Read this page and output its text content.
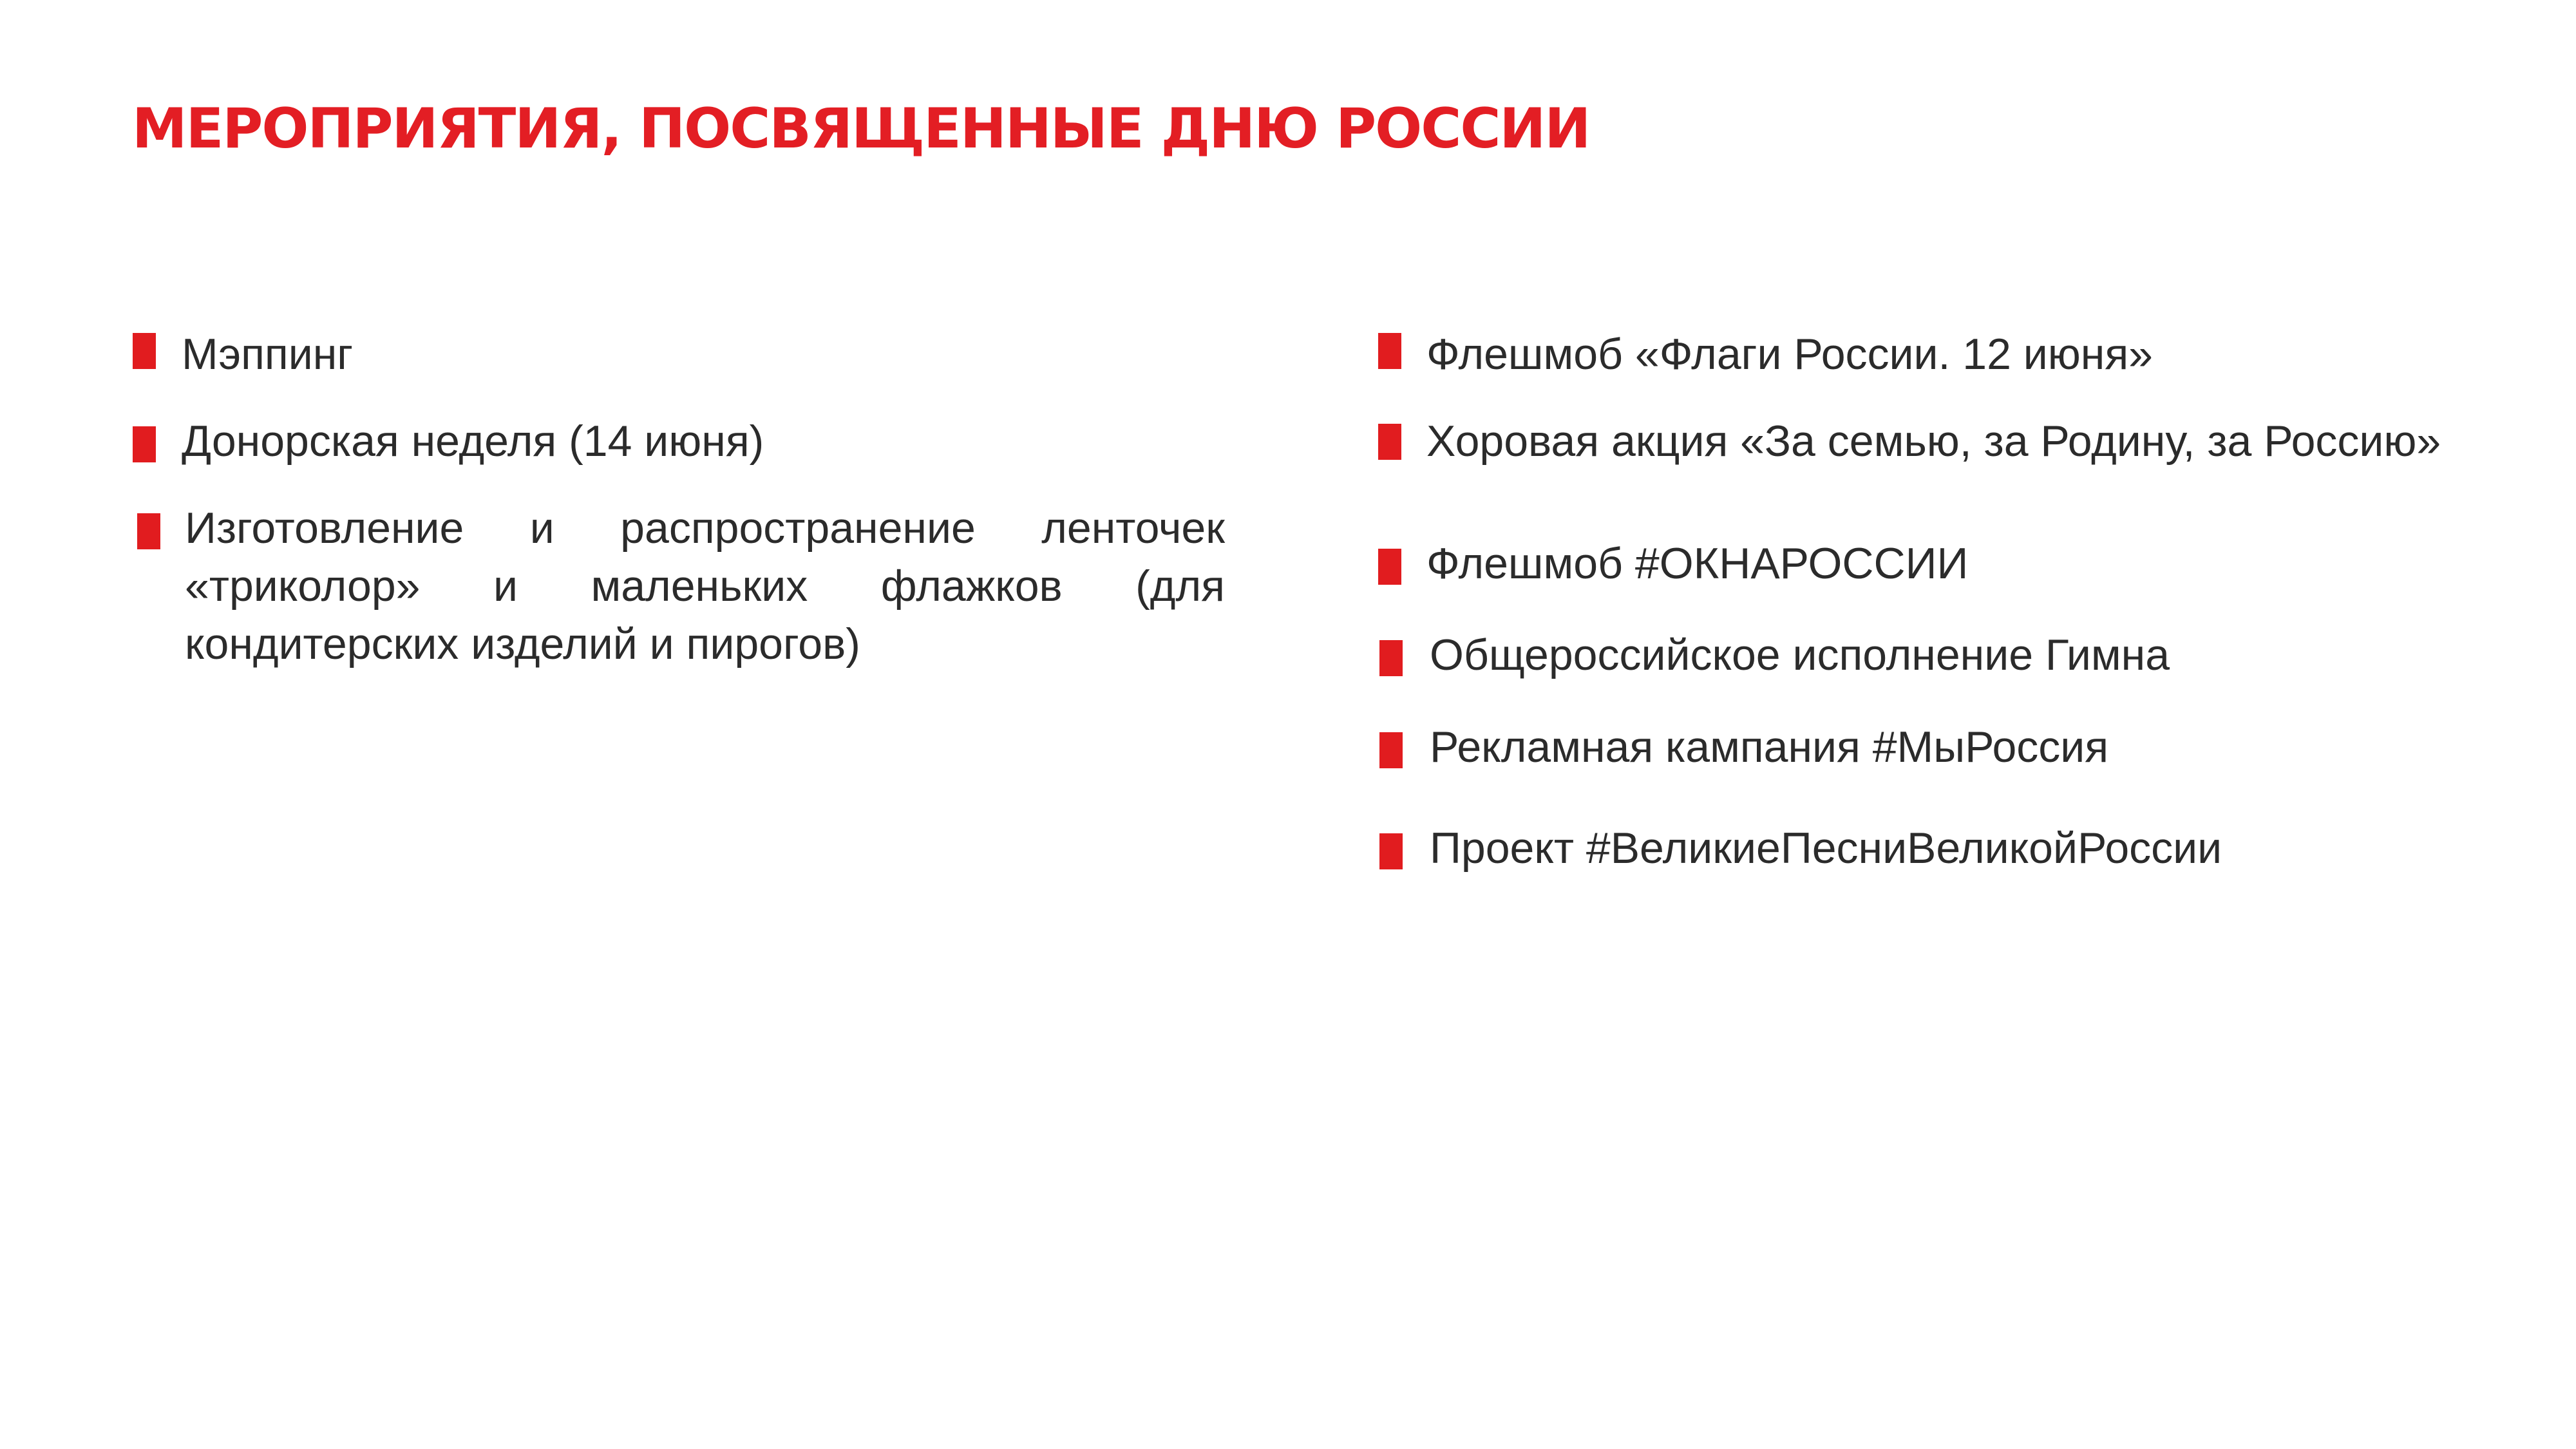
МЕРОПРИЯТИЯ, ПОСВЯЩЕННЫЕ ДНЮ РОССИИ
Мэппинг
Донорская неделя (14 июня)
Изготовление и распространение ленточек «триколор» и маленьких флажков (для кондитерских изделий и пирогов)
Флешмоб «Флаги России. 12 июня»
Хоровая акция «За семью, за Родину, за Россию»
Флешмоб #ОКНАРОССИИ
Общероссийское исполнение Гимна
Рекламная кампания #МыРоссия
Проект #ВеликиеПесниВеликойРоссии
